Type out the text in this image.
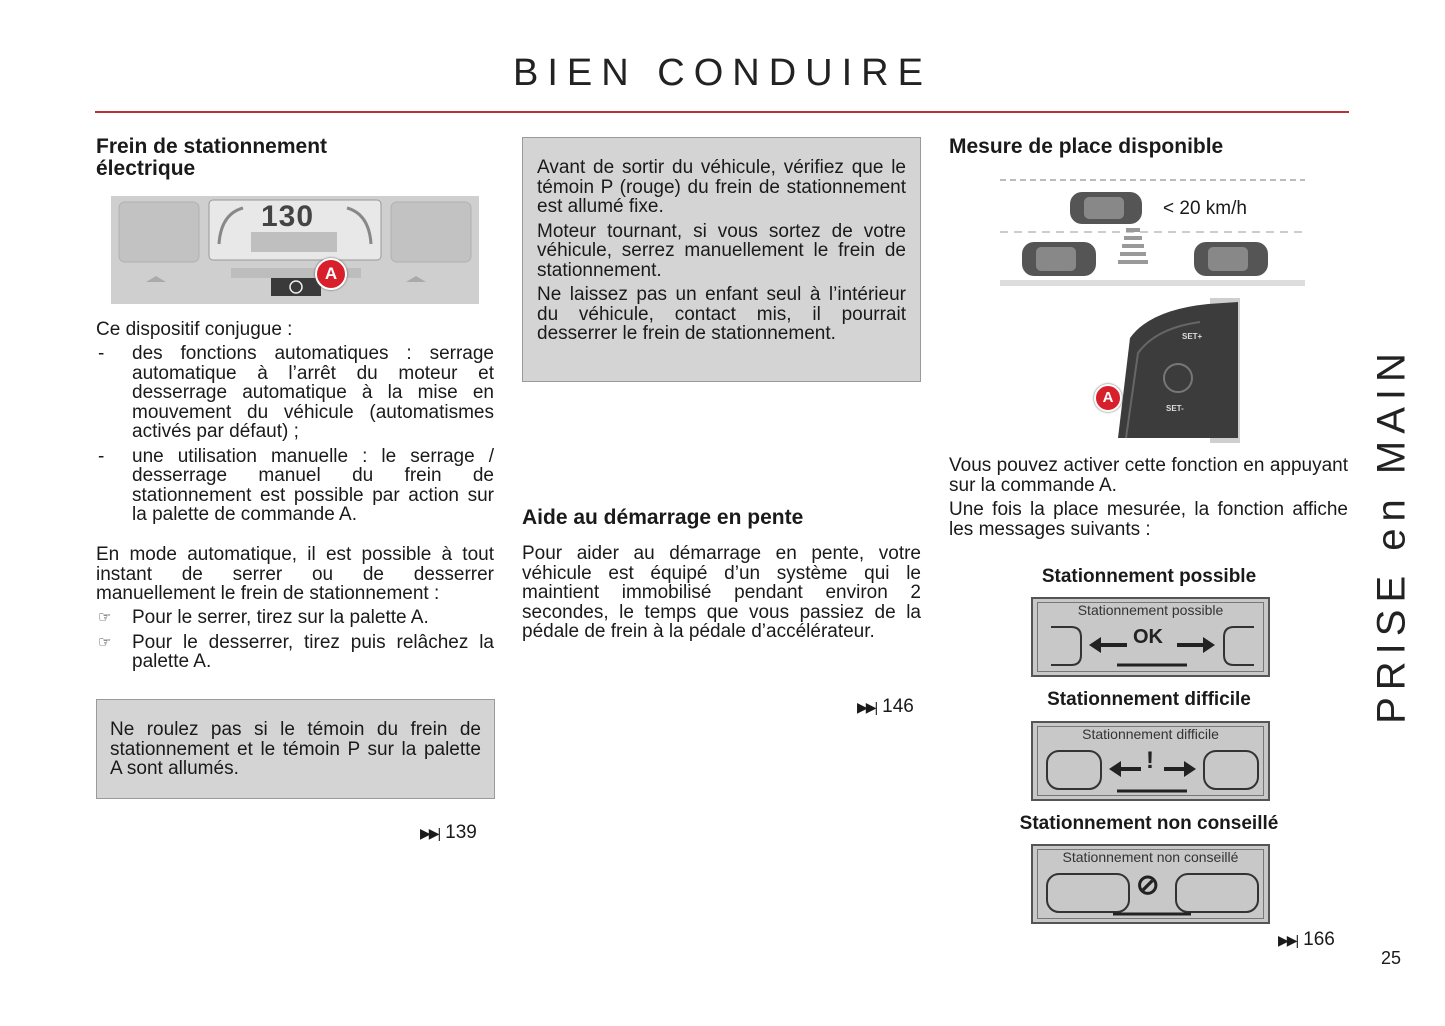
BIEN CONDUIRE
PRISE en MAIN
25
Frein de stationnement
électrique
130
A
Ce dispositif conjugue :
- des fonctions automatiques : serrage automatique à l’arrêt du moteur et desserrage automatique à la mise en mouvement du véhicule (automatismes activés par défaut) ;
- une utilisation manuelle : le serrage / desserrage manuel du frein de stationnement est possible par action sur la palette de commande A.

En mode automatique, il est possible à tout instant de serrer ou de desserrer manuellement le frein de stationnement :

☞ Pour le serrer, tirez sur la palette A.
☞ Pour le desserrer, tirez puis relâchez la palette A.

Ne roulez pas si le témoin du frein de stationnement et le témoin P sur la palette A sont allumés.

▶▶| 139

Avant de sortir du véhicule, vérifiez que le témoin P (rouge) du frein de stationnement est allumé fixe.

Moteur tournant, si vous sortez de votre véhicule, serrez manuellement le frein de stationnement.

Ne laissez pas un enfant seul à l’intérieur du véhicule, contact mis, il pourrait desserrer le frein de stationnement.

Aide au démarrage en pente

Pour aider au démarrage en pente, votre véhicule est équipé d’un système qui le maintient immobilisé pendant environ 2 secondes, le temps que vous passiez de la pédale de frein à la pédale d’accélérateur.

▶▶| 146
Mesure de place disponible
< 20 km/h
SET+
SET-
A

Vous pouvez activer cette fonction en appuyant sur la commande A.

Une fois la place mesurée, la fonction affiche les messages suivants :

Stationnement possible
Stationnement possible
OK
Stationnement difficile
Stationnement difficile
!
Stationnement non conseillé
Stationnement non conseillé
⊘
▶▶| 166
